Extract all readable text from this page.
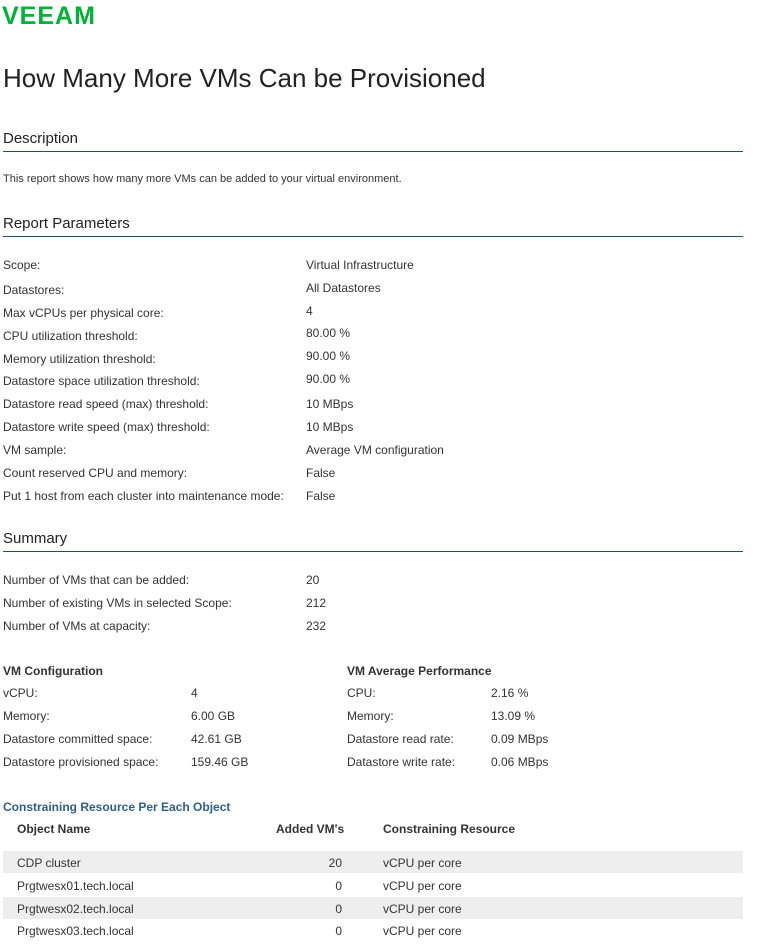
VEEAM
How Many More VMs Can be Provisioned
Description
This report shows how many more VMs can be added to your virtual environment.
Report Parameters
Scope:	Virtual Infrastructure
Datastores:	All Datastores
Max vCPUs per physical core:	4
CPU utilization threshold:	80.00 %
Memory utilization threshold:	90.00 %
Datastore space utilization threshold:	90.00 %
Datastore read speed (max) threshold:	10 MBps
Datastore write speed (max) threshold:	10 MBps
VM sample:	Average VM configuration
Count reserved CPU and memory:	False
Put 1 host from each cluster into maintenance mode: False
Summary
Number of VMs that can be added:	20
Number of existing VMs in selected Scope:	212
Number of VMs at capacity:	232
VM Configuration
vCPU:	4
Memory:	6.00 GB
Datastore committed space:	42.61 GB
Datastore provisioned space:	159.46 GB
VM Average Performance
CPU:	2.16 %
Memory:	13.09 %
Datastore read rate:	0.09 MBps
Datastore write rate:	0.06 MBps
Constraining Resource Per Each Object
Object Name	Added VM's	Constraining Resource
CDP cluster	20	vCPU per core
Prgtwesx01.tech.local	0	vCPU per core
Prgtwesx02.tech.local	0	vCPU per core
Prgtwesx03.tech.local	0	vCPU per core
